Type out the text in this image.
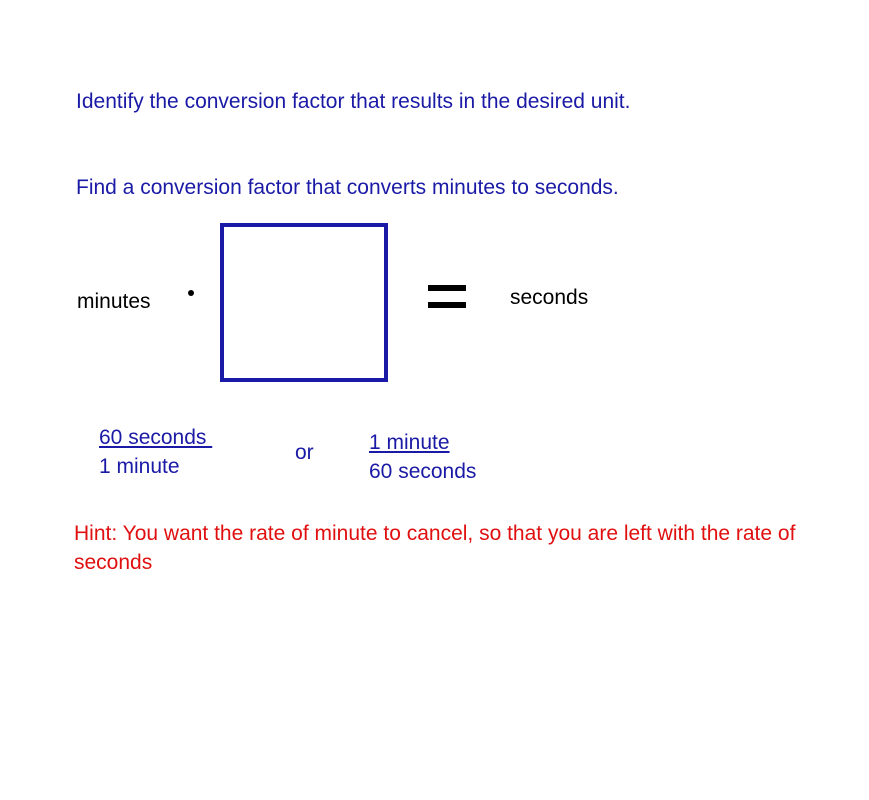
Identify the conversion factor that results in the desired unit.
Find a conversion factor that converts minutes to seconds.
minutes	seconds
60 seconds
1 minute
or	1 minute
60 seconds
Hint: You want the rate of minute to cancel, so that you are left with the rate of seconds
